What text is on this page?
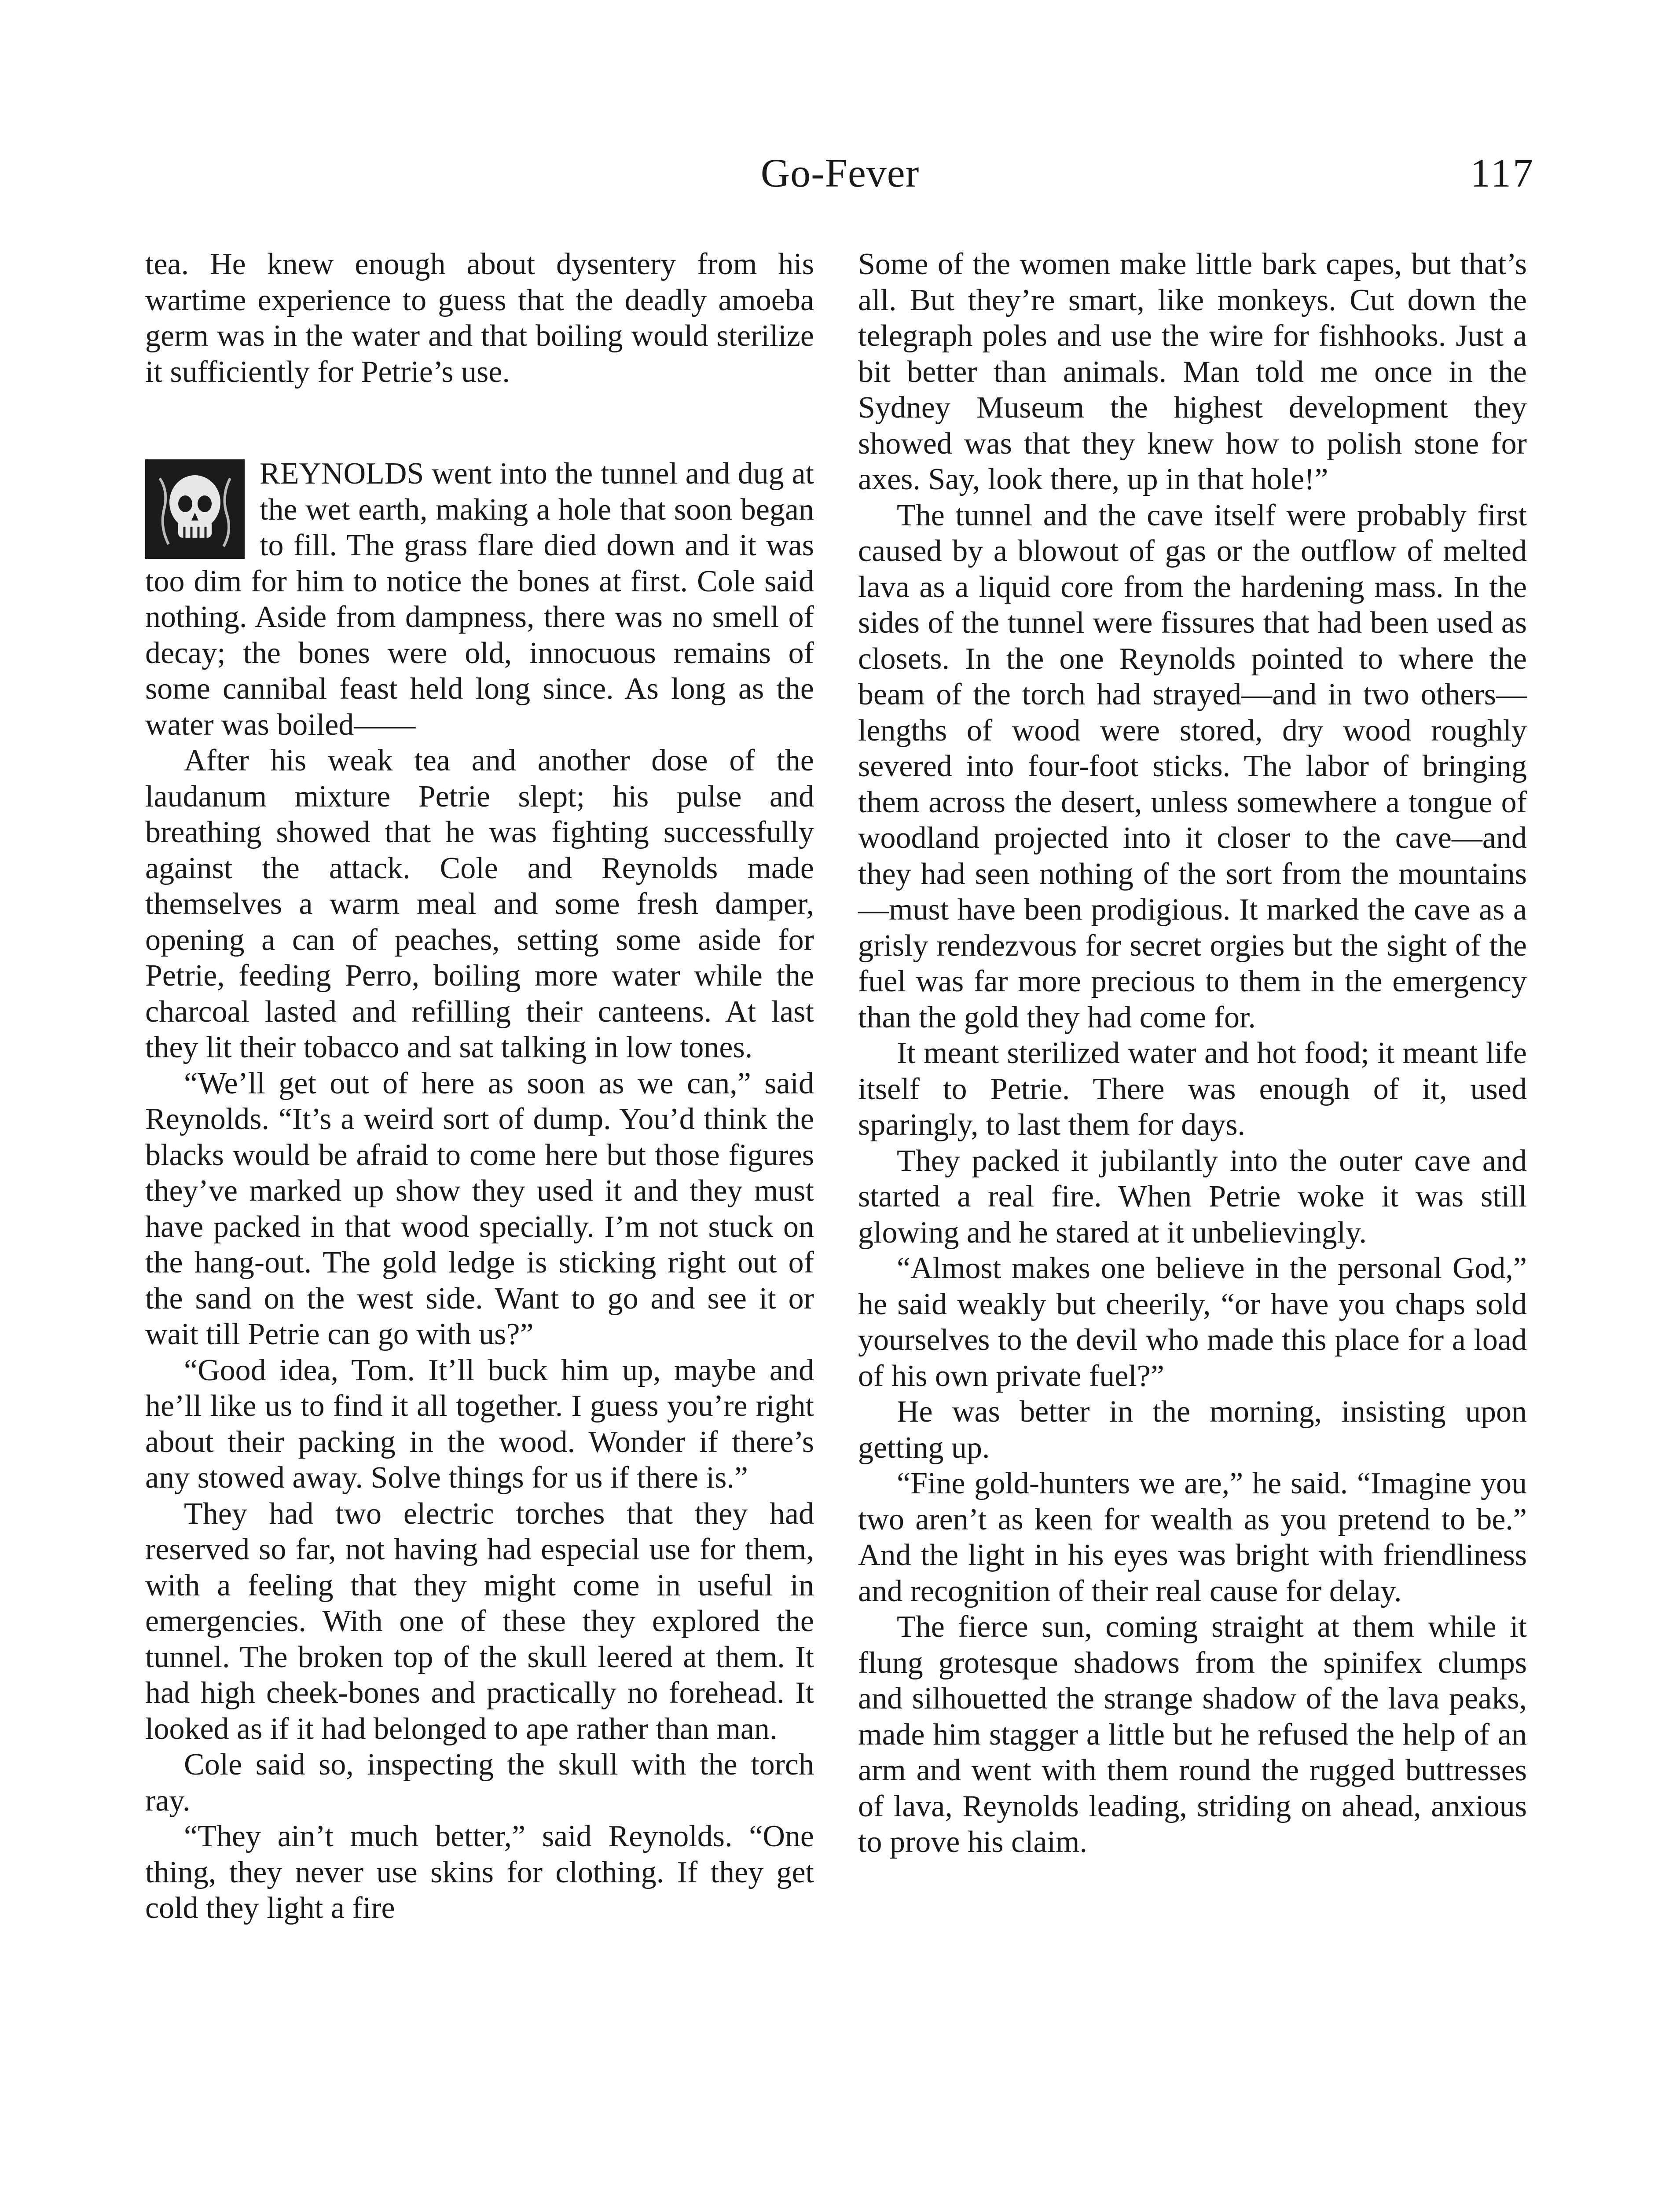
Go-Fever	117

tea. He knew enough about dysentery from his wartime experience to guess that the deadly amoeba germ was in the water and that boiling would sterilize it sufficiently for Petrie’s use.

REYNOLDS went into the tunnel and dug at the wet earth, making a hole that soon began to fill. The grass flare died down and it was too dim for him to notice the bones at first. Cole said nothing. Aside from dampness, there was no smell of decay; the bones were old, innocuous remains of some cannibal feast held long since. As long as the water was boiled——

After his weak tea and another dose of the laudanum mixture Petrie slept; his pulse and breathing showed that he was fighting successfully against the attack. Cole and Reynolds made themselves a warm meal and some fresh damper, opening a can of peaches, setting some aside for Petrie, feeding Perro, boiling more water while the charcoal lasted and refilling their canteens. At last they lit their tobacco and sat talking in low tones.

“We’ll get out of here as soon as we can,” said Reynolds. “It’s a weird sort of dump. You’d think the blacks would be afraid to come here but those figures they’ve marked up show they used it and they must have packed in that wood specially. I’m not stuck on the hang-out. The gold ledge is sticking right out of the sand on the west side. Want to go and see it or wait till Petrie can go with us?”

“Good idea, Tom. It’ll buck him up, maybe and he’ll like us to find it all together. I guess you’re right about their packing in the wood. Wonder if there’s any stowed away. Solve things for us if there is.”

They had two electric torches that they had reserved so far, not having had especial use for them, with a feeling that they might come in useful in emergencies. With one of these they explored the tunnel. The broken top of the skull leered at them. It had high cheek-bones and practically no forehead. It looked as if it had belonged to ape rather than man.

Cole said so, inspecting the skull with the torch ray.

“They ain’t much better,” said Reynolds. “One thing, they never use skins for clothing. If they get cold they light a fire

Some of the women make little bark capes, but that’s all. But they’re smart, like monkeys. Cut down the telegraph poles and use the wire for fishhooks. Just a bit better than animals. Man told me once in the Sydney Museum the highest development they showed was that they knew how to polish stone for axes. Say, look there, up in that hole!”

The tunnel and the cave itself were probably first caused by a blowout of gas or the outflow of melted lava as a liquid core from the hardening mass. In the sides of the tunnel were fissures that had been used as closets. In the one Reynolds pointed to where the beam of the torch had strayed—and in two others—lengths of wood were stored, dry wood roughly severed into four-foot sticks. The labor of bringing them across the desert, unless somewhere a tongue of woodland projected into it closer to the cave—and they had seen nothing of the sort from the mountains—must have been prodigious. It marked the cave as a grisly rendezvous for secret orgies but the sight of the fuel was far more precious to them in the emergency than the gold they had come for.

It meant sterilized water and hot food; it meant life itself to Petrie. There was enough of it, used sparingly, to last them for days.

They packed it jubilantly into the outer cave and started a real fire. When Petrie woke it was still glowing and he stared at it unbelievingly.

“Almost makes one believe in the personal God,” he said weakly but cheerily, “or have you chaps sold yourselves to the devil who made this place for a load of his own private fuel?”

He was better in the morning, insisting upon getting up.

“Fine gold-hunters we are,” he said. “Imagine you two aren’t as keen for wealth as you pretend to be.” And the light in his eyes was bright with friendliness and recognition of their real cause for delay.

The fierce sun, coming straight at them while it flung grotesque shadows from the spinifex clumps and silhouetted the strange shadow of the lava peaks, made him stagger a little but he refused the help of an arm and went with them round the rugged buttresses of lava, Reynolds leading, striding on ahead, anxious to prove his claim.
